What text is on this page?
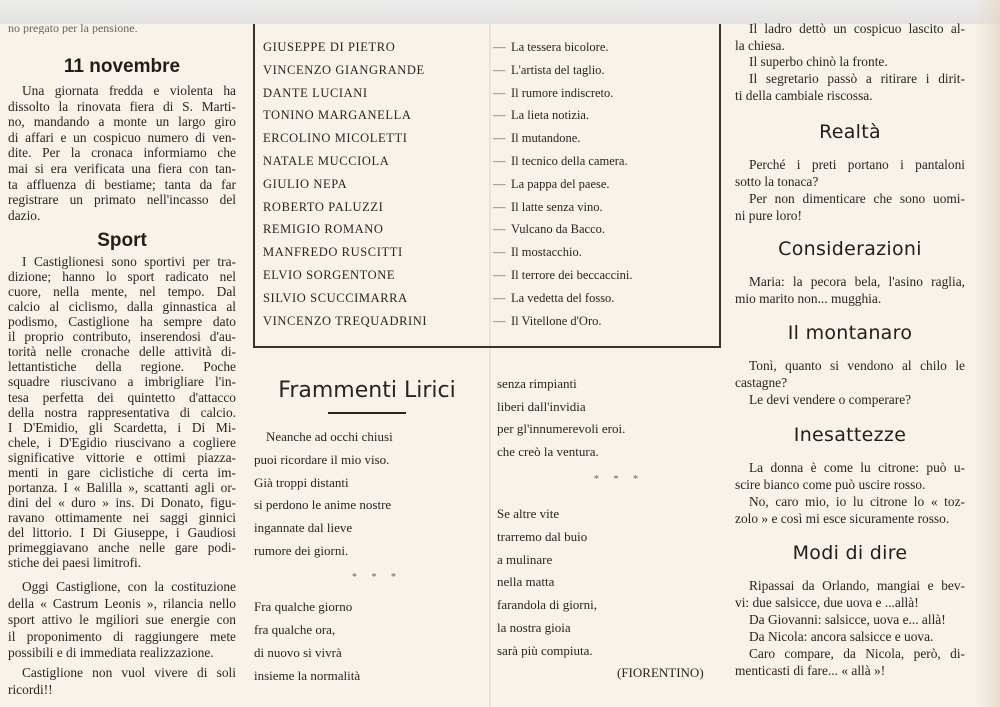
no pregato per la pensione.
11 novembre
Una giornata fredda e violenta ha
dissolto la rinovata fiera di S. Marti-
no, mandando a monte un largo giro
di affari e un cospicuo numero di ven-
dite. Per la cronaca informiamo che
mai si era verificata una fiera con tan-
ta affluenza di bestiame; tanta da far
registrare un primato nell'incasso del
dazio.
Sport
I Castiglionesi sono sportivi per tra-
dizione; hanno lo sport radicato nel
cuore, nella mente, nel tempo. Dal
calcio al ciclismo, dalla ginnastica al
podismo, Castiglione ha sempre dato
il proprio contributo, inserendosi d'au-
torità nelle cronache delle attività di-
lettantistiche della regione. Poche
squadre riuscivano a imbrigliare l'in-
tesa perfetta dei quintetto d'attacco
della nostra rappresentativa di calcio.
I D'Emidio, gli Scardetta, i Di Mi-
chele, i D'Egidio riuscivano a cogliere
significative vittorie e ottimi piazza-
menti in gare ciclistiche di certa im-
portanza. I « Balilla », scattanti agli or-
dini del « duro » ins. Di Donato, figu-
ravano ottimamente nei saggi ginnici
del littorio. I Di Giuseppe, i Gaudiosi
primeggiavano anche nelle gare podi-
stiche dei paesi limitrofi.
Oggi Castiglione, con la costituzione
della « Castrum Leonis », rilancia nello
sport attivo le mgiliori sue energie con
il proponimento di raggiungere mete
possibili e di immediata realizzazione.
Castiglione non vuol vivere di soli
ricordi!!
GIUSEPPE DI PIETRO	— La tessera bicolore.
VINCENZO GIANGRANDE	— L'artista del taglio.
DANTE LUCIANI	— Il rumore indiscreto.
TONINO MARGANELLA	— La lieta notizia.
ERCOLINO MICOLETTI	— Il mutandone.
NATALE MUCCIOLA	— Il tecnico della camera.
GIULIO NEPA	— La pappa del paese.
ROBERTO PALUZZI	— Il latte senza vino.
REMIGIO ROMANO	— Vulcano da Bacco.
MANFREDO RUSCITTI	— Il mostacchio.
ELVIO SORGENTONE	— Il terrore dei beccaccini.
SILVIO SCUCCIMARRA	— La vedetta del fosso.
VINCENZO TREQUADRINI	— Il Vitellone d'Oro.
Frammenti Lirici
Neanche ad occhi chiusi
puoi ricordare il mio viso.
Già troppi distanti
si perdono le anime nostre
ingannate dal lieve
rumore dei giorni.
* * *
Fra qualche giorno
fra qualche ora,
di nuovo si vivrà
insieme la normalità
senza rimpianti
liberi dall'invidia
per gl'innumerevoli eroi.
che creò la ventura.
* * *
Se altre vite
trarremo dal buio
a mulinare
nella matta
farandola di giorni,
la nostra gioia
sarà più compiuta.
(FIORENTINO)
Il ladro dettò un cospicuo lascito al-
la chiesa.
Il superbo chinò la fronte.
Il segretario passò a ritirare i dirit-
ti della cambiale riscossa.
Realtà
Perché i preti portano i pantaloni
sotto la tonaca?
Per non dimenticare che sono uomi-
ni pure loro!
Considerazioni
Maria: la pecora bela, l'asino raglia,
mio marito non... mugghia.
Il montanaro
Tonì, quanto si vendono al chilo le
castagne?
Le devi vendere o comperare?
Inesattezze
La donna è come lu citrone: può u-
scire bianco come può uscire rosso.
No, caro mio, io lu citrone lo « toz-
zolo » e così mi esce sicuramente rosso.
Modi di dire
Ripassai da Orlando, mangiai e bev-
vi: due salsicce, due uova e ...allà!
Da Giovanni: salsicce, uova e... allà!
Da Nicola: ancora salsicce e uova.
Caro compare, da Nicola, però, di-
menticasti di fare... « allà »!
